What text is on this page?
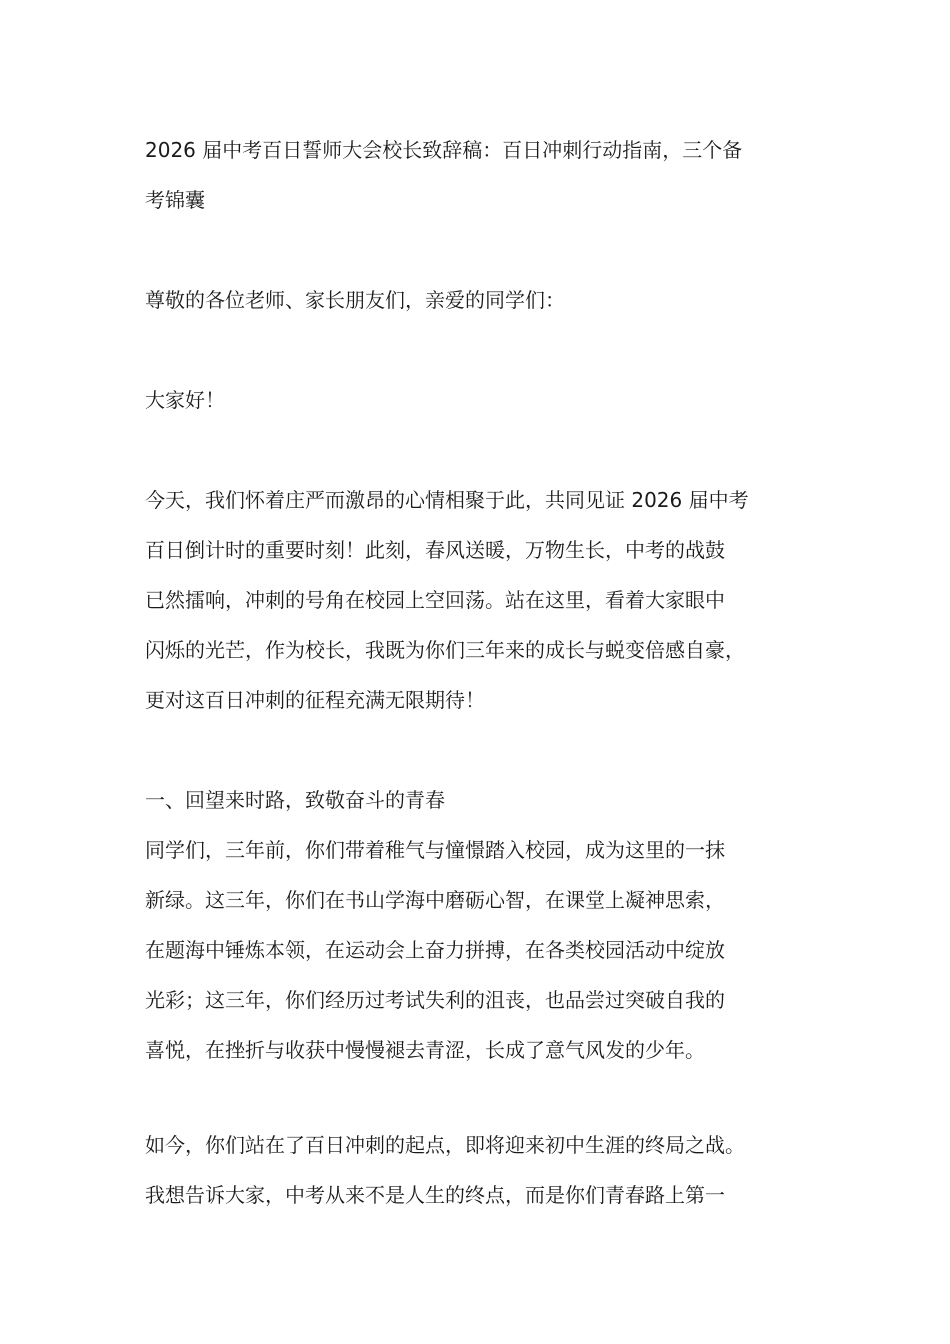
2026 届中考百日誓师大会校长致辞稿：百日冲刺行动指南，三个备
考锦囊
尊敬的各位老师、家长朋友们，亲爱的同学们：
大家好！
今天，我们怀着庄严而激昂的心情相聚于此，共同见证 2026 届中考
百日倒计时的重要时刻！此刻，春风送暖，万物生长，中考的战鼓
已然擂响，冲刺的号角在校园上空回荡。站在这里，看着大家眼中
闪烁的光芒，作为校长，我既为你们三年来的成长与蜕变倍感自豪，
更对这百日冲刺的征程充满无限期待！
一、回望来时路，致敬奋斗的青春
同学们，三年前，你们带着稚气与憧憬踏入校园，成为这里的一抹
新绿。这三年，你们在书山学海中磨砺心智，在课堂上凝神思索，
在题海中锤炼本领，在运动会上奋力拼搏，在各类校园活动中绽放
光彩；这三年，你们经历过考试失利的沮丧，也品尝过突破自我的
喜悦，在挫折与收获中慢慢褪去青涩，长成了意气风发的少年。
如今，你们站在了百日冲刺的起点，即将迎来初中生涯的终局之战。
我想告诉大家，中考从来不是人生的终点，而是你们青春路上第一
